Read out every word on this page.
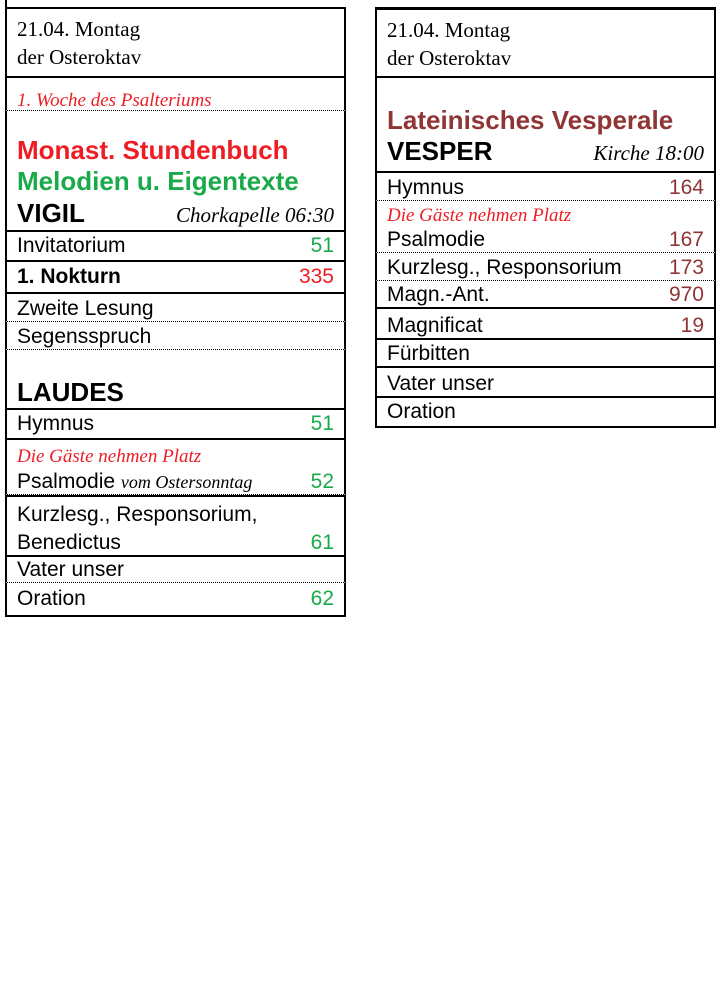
21.04. Montag
der Osteroktav
1. Woche des Psalteriums
Monast. Stundenbuch
Melodien u. Eigentexte
VIGIL	Chorkapelle 06:30
Invitatorium	51
1. Nokturn	335
Zweite Lesung
Segensspruch
LAUDES
Hymnus	51
Die Gäste nehmen Platz
Psalmodie vom Ostersonntag	52
Kurzlesg., Responsorium,
Benedictus	61
Vater unser
Oration	62
21.04. Montag
der Osteroktav
Lateinisches Vesperale
VESPER	Kirche 18:00
Hymnus	164
Die Gäste nehmen Platz
Psalmodie	167
Kurzlesg., Responsorium 173
Magn.-Ant.	970
Magnificat	19
Fürbitten
Vater unser
Oration
